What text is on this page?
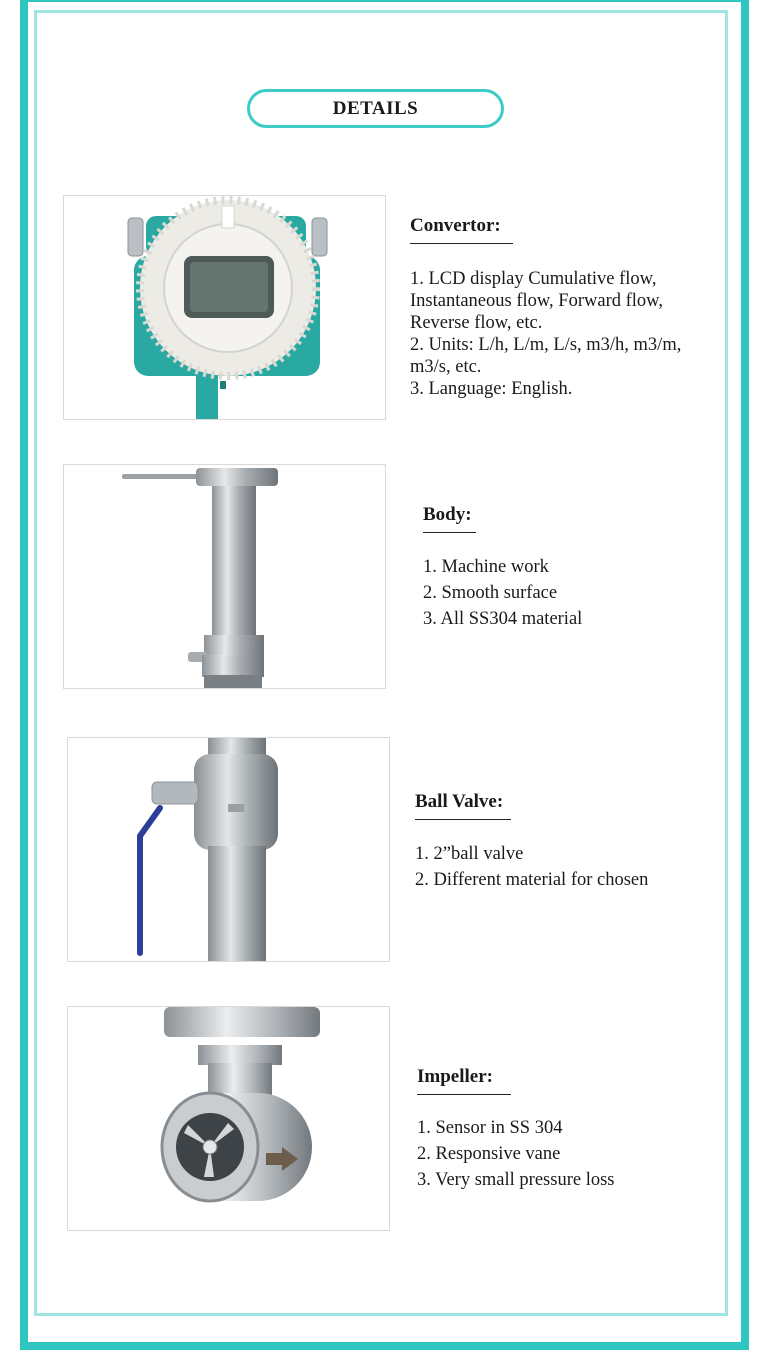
DETAILS
Convertor:
1. LCD display Cumulative flow,
Instantaneous flow, Forward flow,
Reverse flow, etc.
2. Units: L/h, L/m, L/s, m3/h, m3/m,
m3/s, etc.
3. Language: English.
Body:
1. Machine work
2. Smooth surface
3. All SS304 material
Ball Valve:
1. 2”ball valve
2. Different material for chosen
Impeller:
1. Sensor in SS 304
2. Responsive vane
3. Very small pressure loss
